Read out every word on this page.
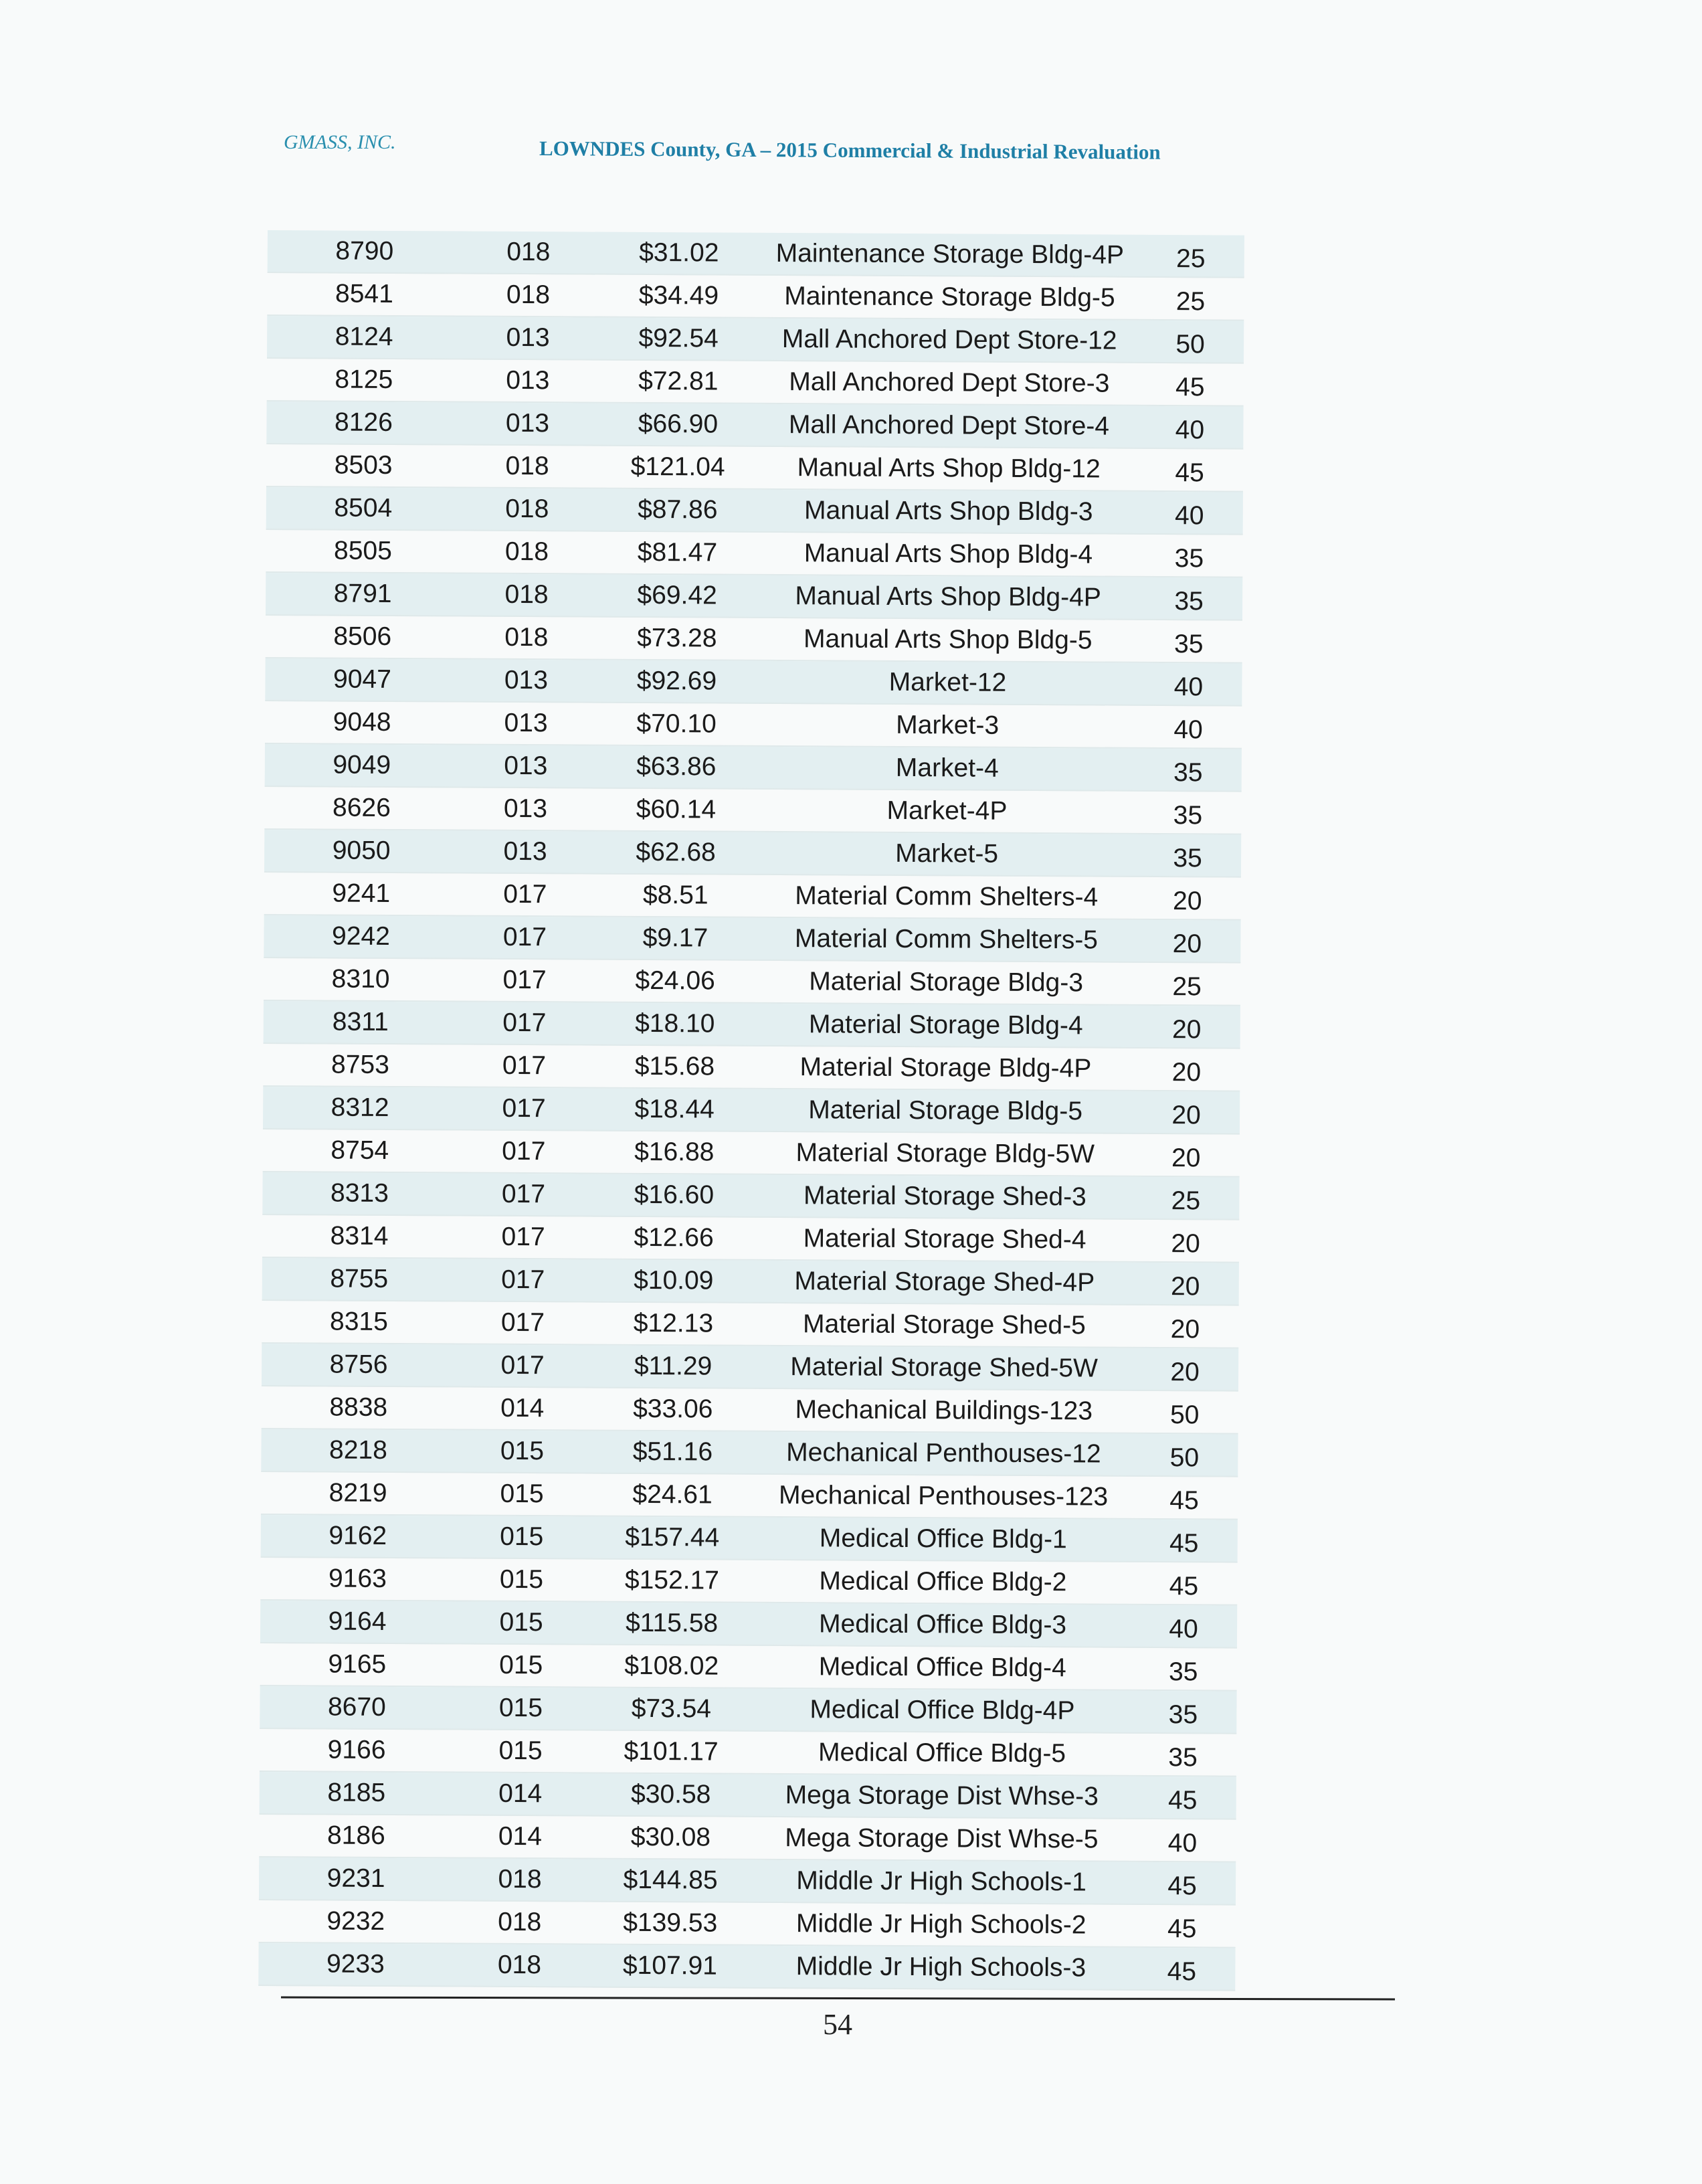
GMASS, INC.	LOWNDES County, GA – 2015 Commercial & Industrial Revaluation
8790	018	$31.02	Maintenance Storage Bldg-4P	25
8541	018	$34.49	Maintenance Storage Bldg-5	25
8124	013	$92.54	Mall Anchored Dept Store-12	50
8125	013	$72.81	Mall Anchored Dept Store-3	45
8126	013	$66.90	Mall Anchored Dept Store-4	40
8503	018	$121.04	Manual Arts Shop Bldg-12	45
8504	018	$87.86	Manual Arts Shop Bldg-3	40
8505	018	$81.47	Manual Arts Shop Bldg-4	35
8791	018	$69.42	Manual Arts Shop Bldg-4P	35
8506	018	$73.28	Manual Arts Shop Bldg-5	35
9047	013	$92.69	Market-12	40
9048	013	$70.10	Market-3	40
9049	013	$63.86	Market-4	35
8626	013	$60.14	Market-4P	35
9050	013	$62.68	Market-5	35
9241	017	$8.51	Material Comm Shelters-4	20
9242	017	$9.17	Material Comm Shelters-5	20
8310	017	$24.06	Material Storage Bldg-3	25
8311	017	$18.10	Material Storage Bldg-4	20
8753	017	$15.68	Material Storage Bldg-4P	20
8312	017	$18.44	Material Storage Bldg-5	20
8754	017	$16.88	Material Storage Bldg-5W	20
8313	017	$16.60	Material Storage Shed-3	25
8314	017	$12.66	Material Storage Shed-4	20
8755	017	$10.09	Material Storage Shed-4P	20
8315	017	$12.13	Material Storage Shed-5	20
8756	017	$11.29	Material Storage Shed-5W	20
8838	014	$33.06	Mechanical Buildings-123	50
8218	015	$51.16	Mechanical Penthouses-12	50
8219	015	$24.61	Mechanical Penthouses-123	45
9162	015	$157.44	Medical Office Bldg-1	45
9163	015	$152.17	Medical Office Bldg-2	45
9164	015	$115.58	Medical Office Bldg-3	40
9165	015	$108.02	Medical Office Bldg-4	35
8670	015	$73.54	Medical Office Bldg-4P	35
9166	015	$101.17	Medical Office Bldg-5	35
8185	014	$30.58	Mega Storage Dist Whse-3	45
8186	014	$30.08	Mega Storage Dist Whse-5	40
9231	018	$144.85	Middle Jr High Schools-1	45
9232	018	$139.53	Middle Jr High Schools-2	45
9233	018	$107.91	Middle Jr High Schools-3	45
54
